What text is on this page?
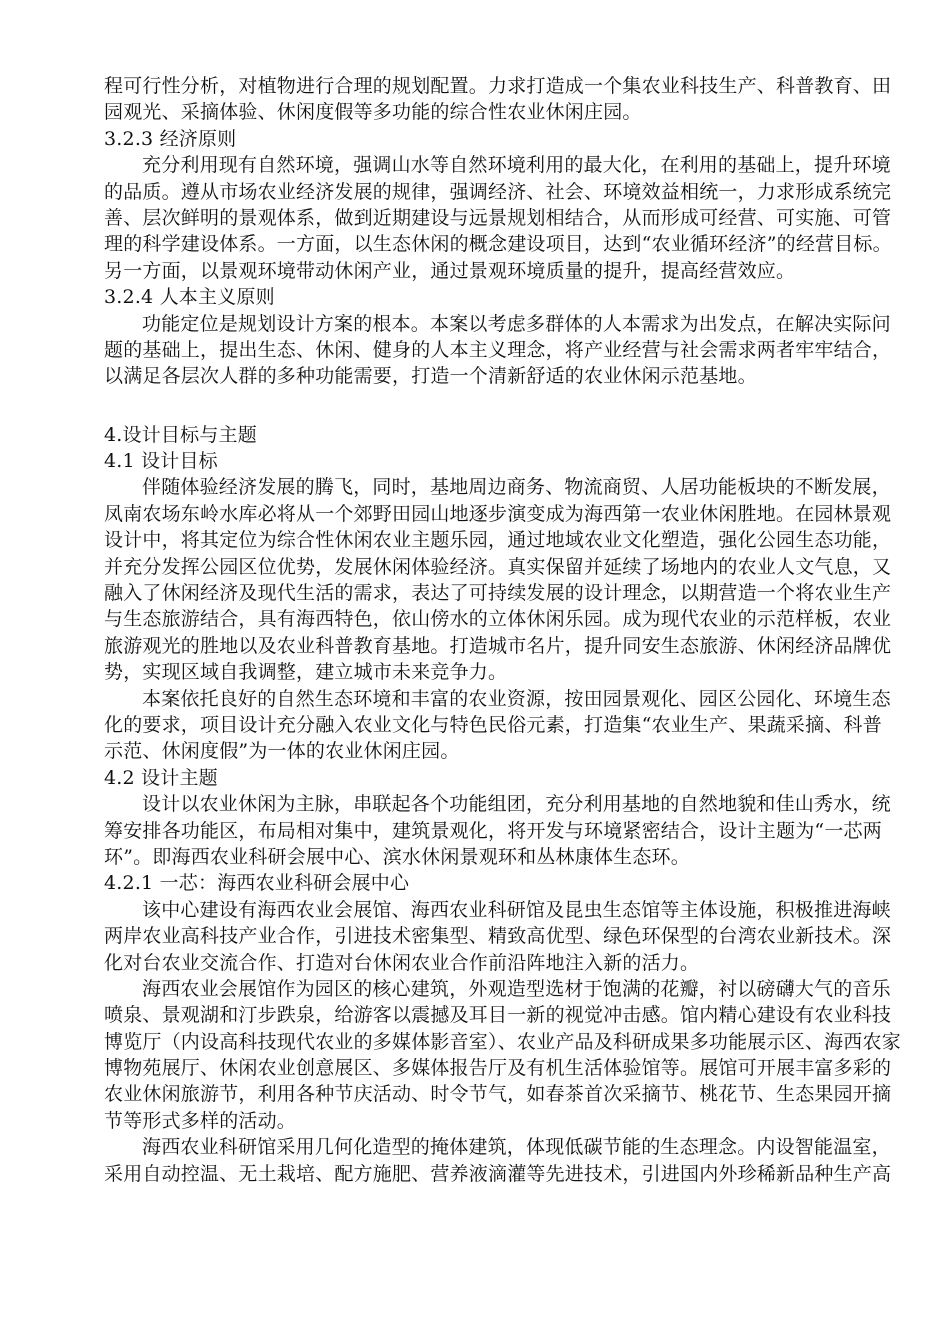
程可行性分析，对植物进行合理的规划配置。力求打造成一个集农业科技生产、科普教育、田
园观光、采摘体验、休闲度假等多功能的综合性农业休闲庄园。
3.2.3 经济原则
充分利用现有自然环境，强调山水等自然环境利用的最大化，在利用的基础上，提升环境
的品质。遵从市场农业经济发展的规律，强调经济、社会、环境效益相统一，力求形成系统完
善、层次鲜明的景观体系，做到近期建设与远景规划相结合，从而形成可经营、可实施、可管
理的科学建设体系。一方面，以生态休闲的概念建设项目，达到“农业循环经济”的经营目标。
另一方面，以景观环境带动休闲产业，通过景观环境质量的提升，提高经营效应。
3.2.4 人本主义原则
功能定位是规划设计方案的根本。本案以考虑多群体的人本需求为出发点，在解决实际问
题的基础上，提出生态、休闲、健身的人本主义理念，将产业经营与社会需求两者牢牢结合，
以满足各层次人群的多种功能需要，打造一个清新舒适的农业休闲示范基地。
4.设计目标与主题
4.1 设计目标
伴随体验经济发展的腾飞，同时，基地周边商务、物流商贸、人居功能板块的不断发展，
凤南农场东岭水库必将从一个郊野田园山地逐步演变成为海西第一农业休闲胜地。在园林景观
设计中，将其定位为综合性休闲农业主题乐园，通过地域农业文化塑造，强化公园生态功能，
并充分发挥公园区位优势，发展休闲体验经济。真实保留并延续了场地内的农业人文气息，又
融入了休闲经济及现代生活的需求，表达了可持续发展的设计理念，以期营造一个将农业生产
与生态旅游结合，具有海西特色，依山傍水的立体休闲乐园。成为现代农业的示范样板，农业
旅游观光的胜地以及农业科普教育基地。打造城市名片，提升同安生态旅游、休闲经济品牌优
势，实现区域自我调整，建立城市未来竞争力。
本案依托良好的自然生态环境和丰富的农业资源，按田园景观化、园区公园化、环境生态
化的要求，项目设计充分融入农业文化与特色民俗元素，打造集“农业生产、果蔬采摘、科普
示范、休闲度假”为一体的农业休闲庄园。
4.2 设计主题
设计以农业休闲为主脉，串联起各个功能组团，充分利用基地的自然地貌和佳山秀水，统
筹安排各功能区，布局相对集中，建筑景观化，将开发与环境紧密结合，设计主题为“一芯两
环”。即海西农业科研会展中心、滨水休闲景观环和丛林康体生态环。
4.2.1 一芯：海西农业科研会展中心
该中心建设有海西农业会展馆、海西农业科研馆及昆虫生态馆等主体设施，积极推进海峡
两岸农业高科技产业合作，引进技术密集型、精致高优型、绿色环保型的台湾农业新技术。深
化对台农业交流合作、打造对台休闲农业合作前沿阵地注入新的活力。
海西农业会展馆作为园区的核心建筑，外观造型选材于饱满的花瓣，衬以磅礴大气的音乐
喷泉、景观湖和汀步跌泉，给游客以震撼及耳目一新的视觉冲击感。馆内精心建设有农业科技
博览厅（内设高科技现代农业的多媒体影音室）、农业产品及科研成果多功能展示区、海西农家
博物苑展厅、休闲农业创意展区、多媒体报告厅及有机生活体验馆等。展馆可开展丰富多彩的
农业休闲旅游节，利用各种节庆活动、时令节气，如春茶首次采摘节、桃花节、生态果园开摘
节等形式多样的活动。
海西农业科研馆采用几何化造型的掩体建筑，体现低碳节能的生态理念。内设智能温室，
采用自动控温、无土栽培、配方施肥、营养液滴灌等先进技术，引进国内外珍稀新品种生产高
